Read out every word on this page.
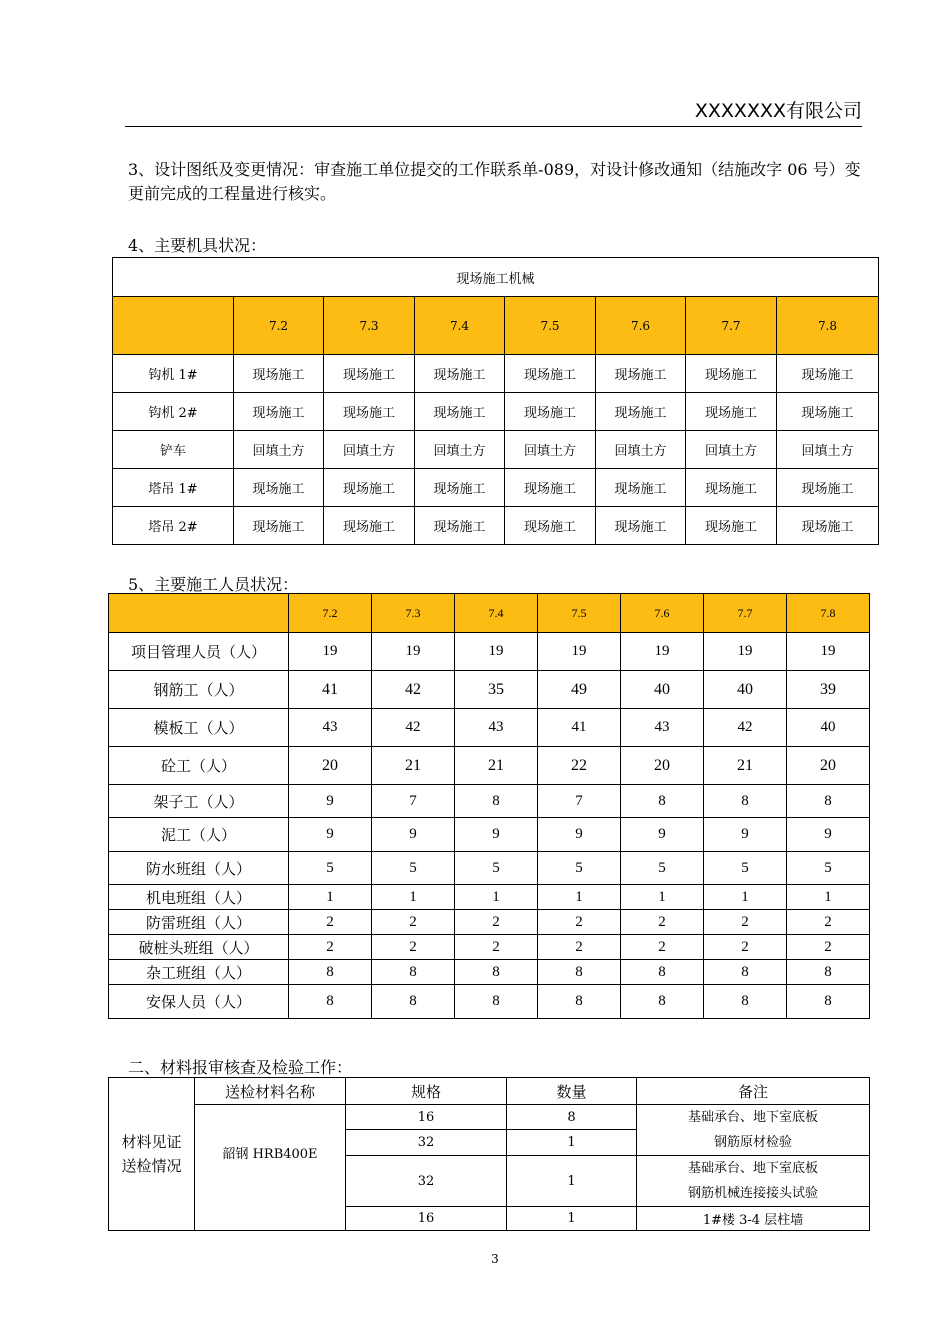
XXXXXXX有限公司
3、设计图纸及变更情况：审查施工单位提交的工作联系单-089，对设计修改通知（结施改字 06 号）变更前完成的工程量进行核实。
4、主要机具状况：
现场施工机械							
	7.2	7.3	7.4	7.5	7.6	7.7	7.8
钩机 1#	现场施工	现场施工	现场施工	现场施工	现场施工	现场施工	现场施工
钩机 2#	现场施工	现场施工	现场施工	现场施工	现场施工	现场施工	现场施工
铲车	回填土方	回填土方	回填土方	回填土方	回填土方	回填土方	回填土方
塔吊 1#	现场施工	现场施工	现场施工	现场施工	现场施工	现场施工	现场施工
塔吊 2#	现场施工	现场施工	现场施工	现场施工	现场施工	现场施工	现场施工
5、主要施工人员状况：
	7.2	7.3	7.4	7.5	7.6	7.7	7.8
项目管理人员（人）	19	19	19	19	19	19	19
钢筋工（人）	41	42	35	49	40	40	39
模板工（人）	43	42	43	41	43	42	40
砼工（人）	20	21	21	22	20	21	20
架子工（人）	9	7	8	7	8	8	8
泥工（人）	9	9	9	9	9	9	9
防水班组（人）	5	5	5	5	5	5	5
机电班组（人）	1	1	1	1	1	1	1
防雷班组（人）	2	2	2	2	2	2	2
破桩头班组（人）	2	2	2	2	2	2	2
杂工班组（人）	8	8	8	8	8	8	8
安保人员（人）	8	8	8	8	8	8	8
二、材料报审核查及检验工作：
材料见证
送检情况	送检材料名称	规格	数量	备注
	韶钢 HRB400E	16	8	基础承台、地下室底板
钢筋原材检验

		32	1	
		32	1	基础承台、地下室底板
钢筋机械连接接头试验

		16	1	1#楼 3-4 层柱墙
3
